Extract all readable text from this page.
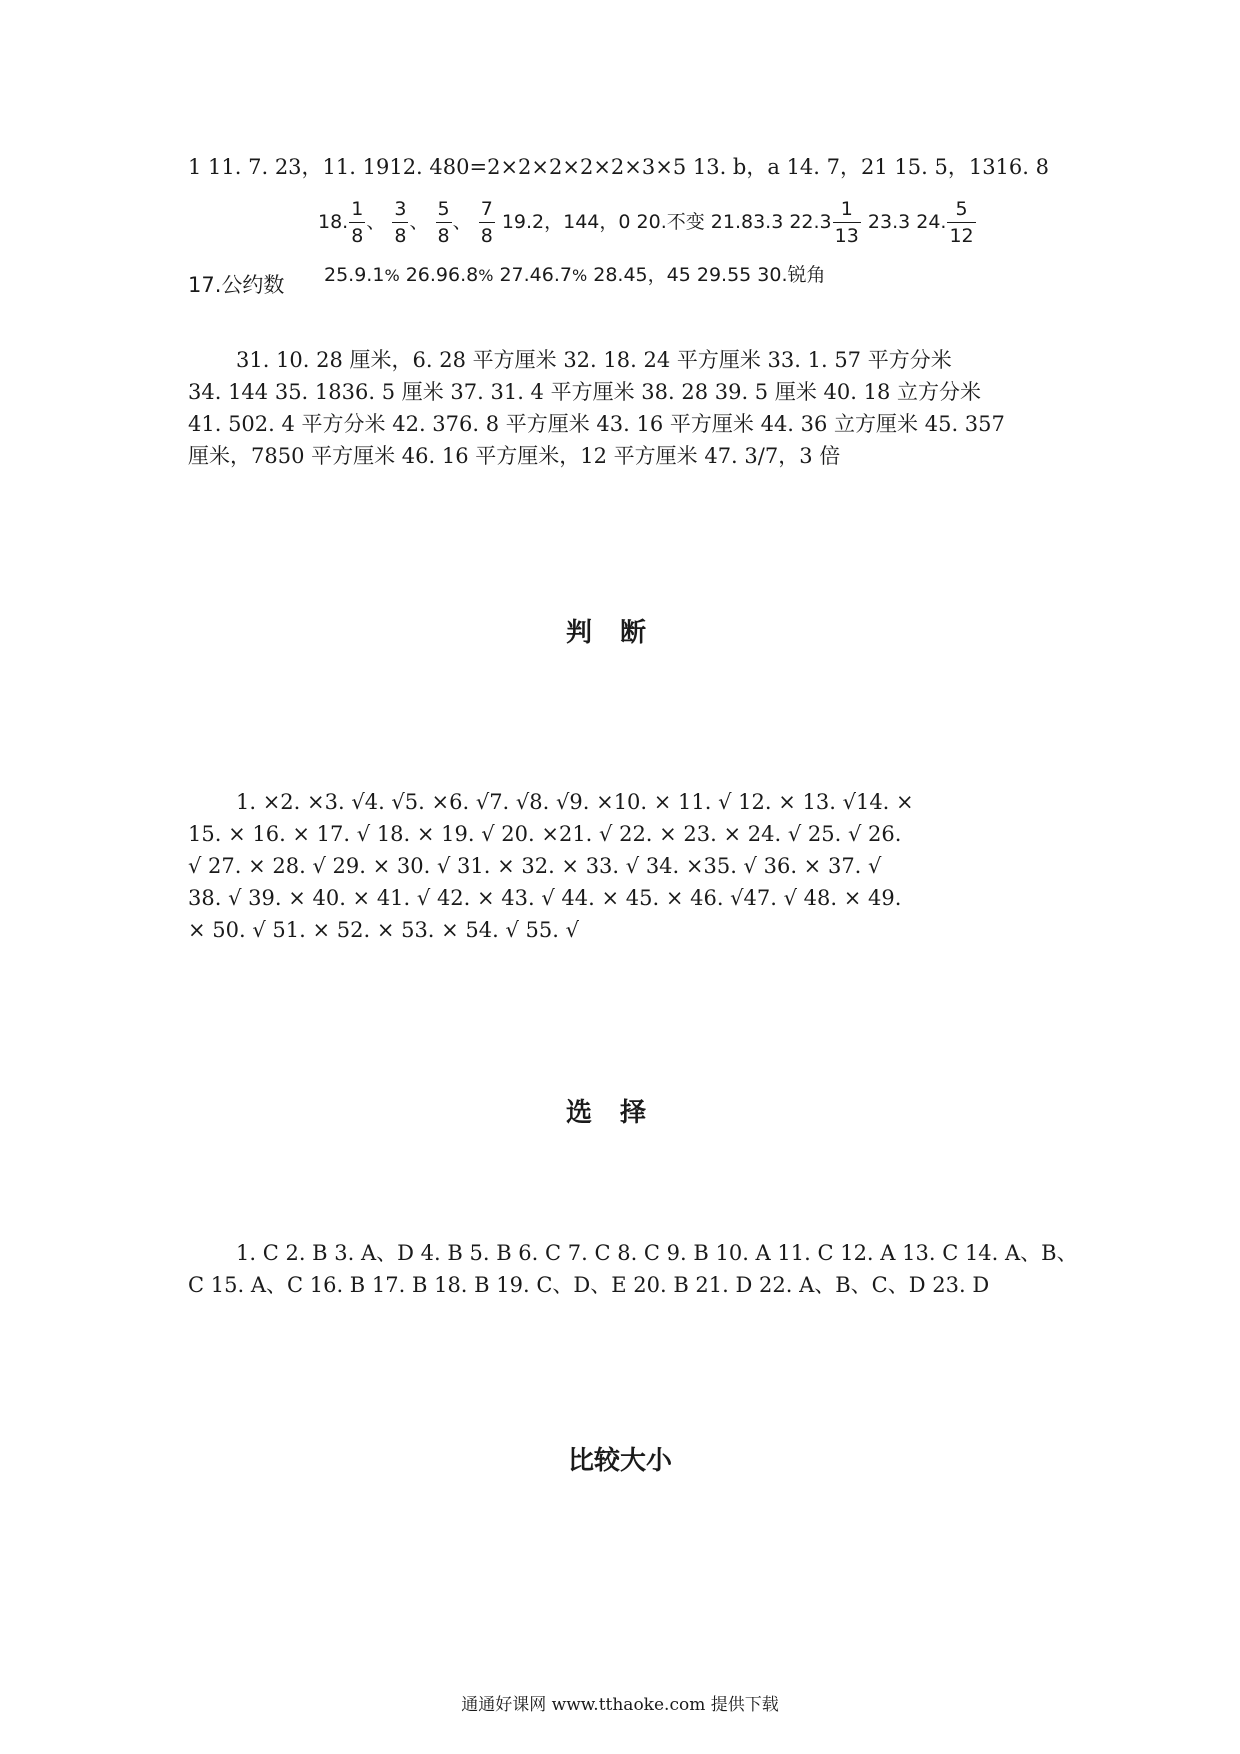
1 11. 7. 23，11. 1912. 480=2×2×2×2×2×3×5 13. b，a 14. 7，21 15. 5，1316. 8
18. $\frac{1}{8}$ 、 $\frac{3}{8}$ 、 $\frac{5}{8}$ 、 $\frac{7}{8} 19.2$，144，0 20.不变 21.83.3 $22.3 \frac{1}{13} 23.3$ 24. $\frac{5}{12}$
17.公约数 25.9.1% 26.96.8% 27.46.7% 28.45，45 29.55 30.锐角
31. 10. 28 厘米，6. 28 平方厘米 32. 18. 24 平方厘米 33. 1. 57 平方分米
34. 144 35. 1836. 5 厘米 37. 31. 4 平方厘米 38. 28 39. 5 厘米 40. 18 立方分米
41. 502. 4 平方分米 42. 376. 8 平方厘米 43. 16 平方厘米 44. 36 立方厘米 45. 357
厘米，7850 平方厘米 46. 16 平方厘米，12 平方厘米 47. 3/7，3 倍
判断
1. ×2. ×3. √4. √5. ×6. √7. √8. √9. ×10. × 11. √ 12. × 13. √14. ×
15. × 16. × 17. √ 18. × 19. √ 20. ×21. √ 22. × 23. × 24. √ 25. √ 26.
√ 27. × 28. √ 29. × 30. √ 31. × 32. × 33. √ 34. ×35. √ 36. × 37. √
38. √ 39. × 40. × 41. √ 42. × 43. √ 44. × 45. × 46. √47. √ 48. × 49.
× 50. √ 51. × 52. × 53. × 54. √ 55. √
选择
1. C 2. B 3. A、D 4. B 5. B 6. C 7. C 8. C 9. B 10. A 11. C 12. A 13. C 14. A、B、
C 15. A、C 16. B 17. B 18. B 19. C、D、E 20. B 21. D 22. A、B、C、D 23. D
比较大小
通通好课网 www.tthaoke.com 提供下载
